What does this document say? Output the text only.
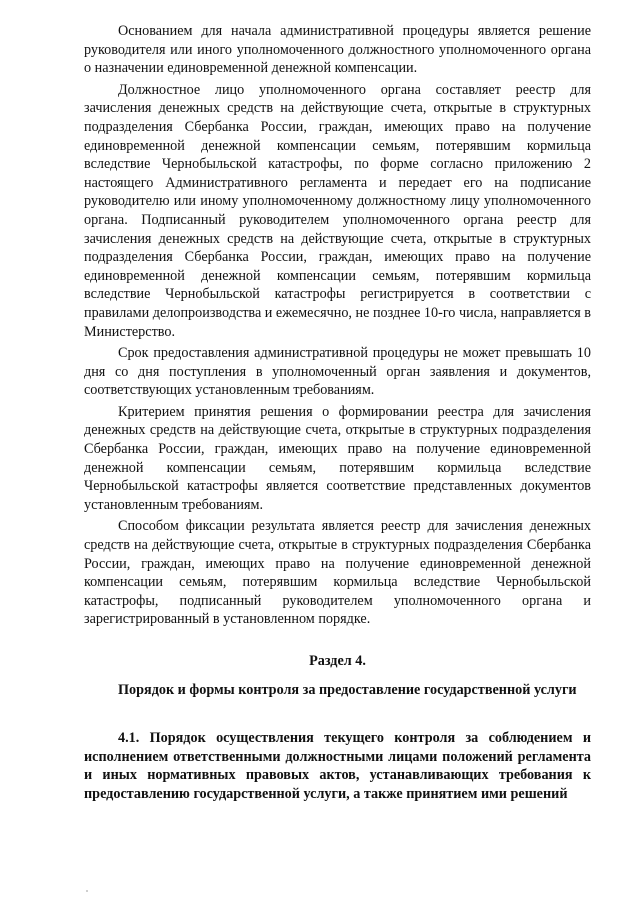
Основанием для начала административной процедуры является решение руководителя или иного уполномоченного должностного уполномоченного органа о назначении единовременной денежной компенсации.

Должностное лицо уполномоченного органа составляет реестр для зачисления денежных средств на действующие счета, открытые в структурных подразделения Сбербанка России, граждан, имеющих право на получение единовременной денежной компенсации семьям, потерявшим кормильца вследствие Чернобыльской катастрофы, по форме согласно приложению 2 настоящего Административного регламента и передает его на подписание руководителю или иному уполномоченному должностному лицу уполномоченного органа. Подписанный руководителем уполномоченного органа реестр для зачисления денежных средств на действующие счета, открытые в структурных подразделения Сбербанка России, граждан, имеющих право на получение единовременной денежной компенсации семьям, потерявшим кормильца вследствие Чернобыльской катастрофы регистрируется в соответствии с правилами делопроизводства и ежемесячно, не позднее 10-го числа, направляется в Министерство.

Срок предоставления административной процедуры не может превышать 10 дня со дня поступления в уполномоченный орган заявления и документов, соответствующих установленным требованиям.

Критерием принятия решения о формировании реестра для зачисления денежных средств на действующие счета, открытые в структурных подразделения Сбербанка России, граждан, имеющих право на получение единовременной денежной компенсации семьям, потерявшим кормильца вследствие Чернобыльской катастрофы является соответствие представленных документов установленным требованиям.

Способом фиксации результата является реестр для зачисления денежных средств на действующие счета, открытые в структурных подразделения Сбербанка России, граждан, имеющих право на получение единовременной денежной компенсации семьям, потерявшим кормильца вследствие Чернобыльской катастрофы, подписанный руководителем уполномоченного органа и зарегистрированный в установленном порядке.

Раздел 4.

Порядок и формы контроля за предоставление государственной услуги

4.1. Порядок осуществления текущего контроля за соблюдением и исполнением ответственными должностными лицами положений регламента и иных нормативных правовых актов, устанавливающих требования к предоставлению государственной услуги, а также принятием ими решений
